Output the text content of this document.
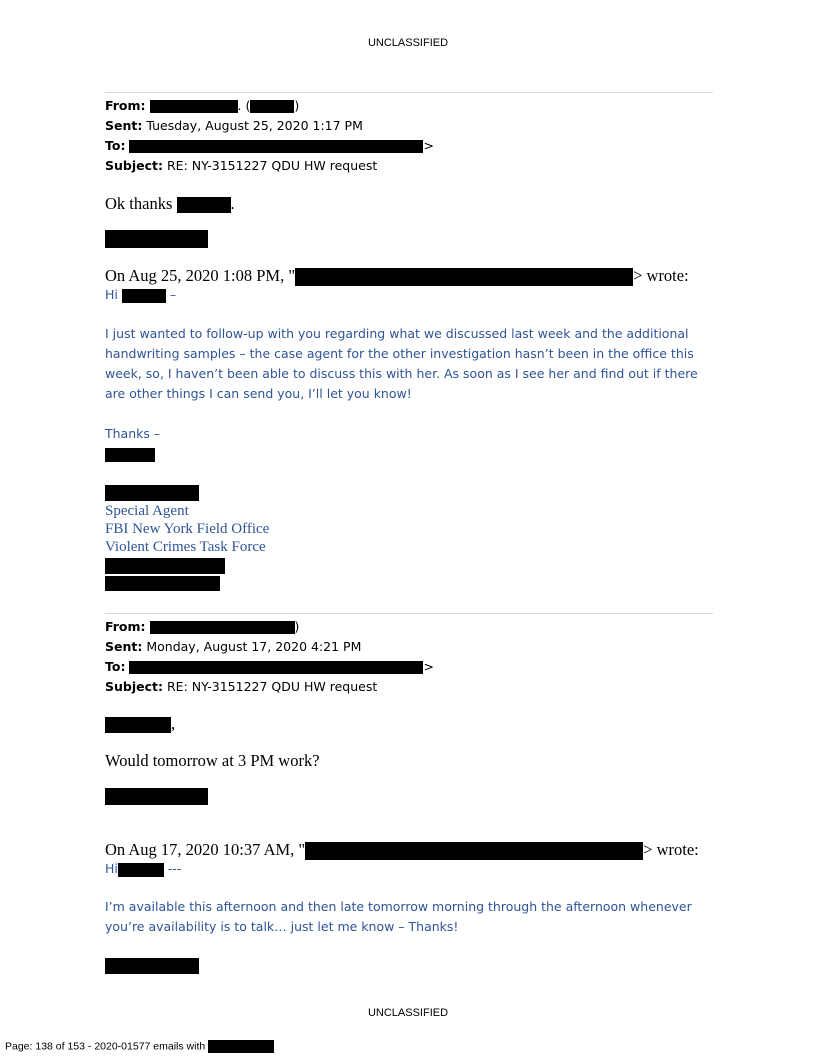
UNCLASSIFIED
From:	. (	)
Sent: Tuesday, August 25, 2020 1:17 PM
To:	>
Subject: RE: NY-3151227 QDU HW request
Ok thanks	.
On Aug 25, 2020 1:08 PM, "	> wrote:
Hi	–
I just wanted to follow-up with you regarding what we discussed last week and the additional handwriting samples – the case agent for the other investigation hasn’t been in the office this week, so, I haven’t been able to discuss this with her. As soon as I see her and find out if there are other things I can send you, I’ll let you know!
Thanks –
Special Agent
FBI New York Field Office
Violent Crimes Task Force
From:	)
Sent: Monday, August 17, 2020 4:21 PM
To:	>
Subject: RE: NY-3151227 QDU HW request
,
Would tomorrow at 3 PM work?
On Aug 17, 2020 10:37 AM, "	> wrote:
Hi	---
I’m available this afternoon and then late tomorrow morning through the afternoon whenever you’re availability is to talk… just let me know – Thanks!
UNCLASSIFIED
Page: 138 of 153 - 2020-01577 emails with
